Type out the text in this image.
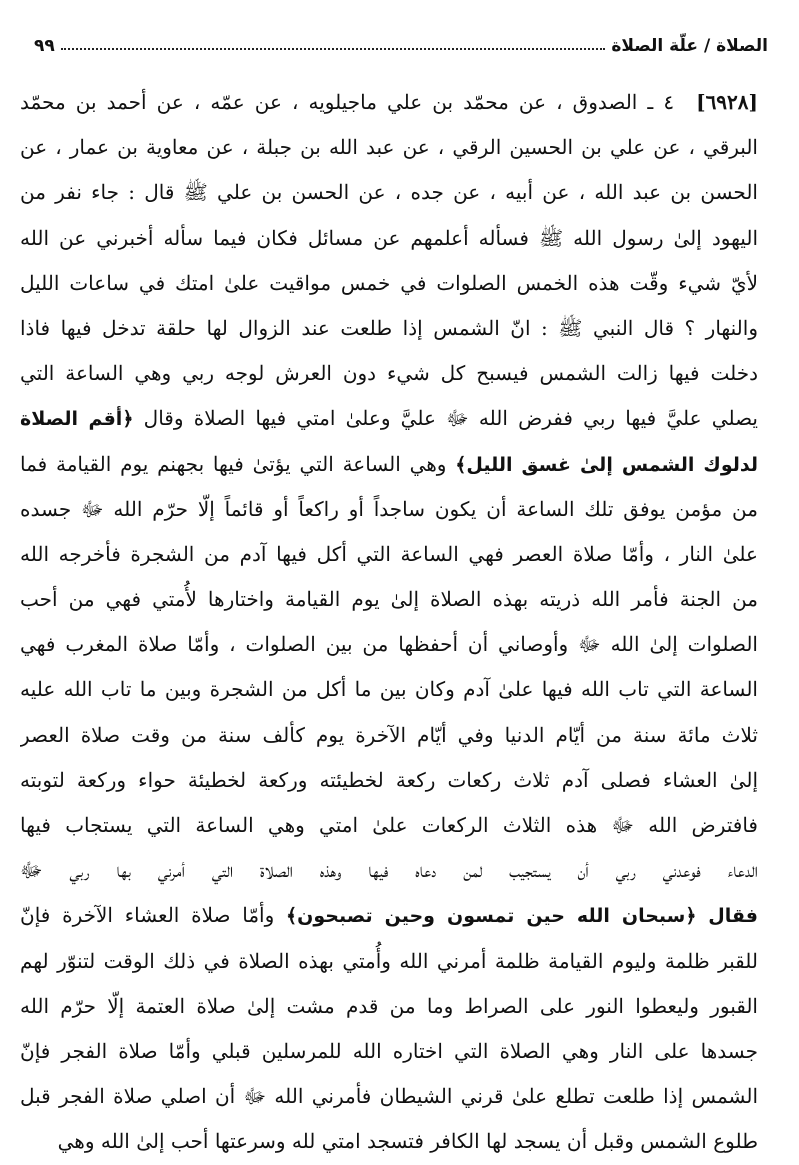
الصلاة / علّة الصلاة
٩٩
[٦٩٢٨]٤ ـ الصدوق ، عن محمّد بن علي ماجيلويه ، عن عمّه ، عن أحمد بن محمّد
البرقي ، عن علي بن الحسين الرقي ، عن عبد الله بن جبلة ، عن معاوية بن عمار ، عن
الحسن بن عبد الله ، عن أبيه ، عن جده ، عن الحسن بن علي ﷺ قال : جاء نفر من
اليهود إلىٰ رسول الله ﷺ فسأله أعلمهم عن مسائل فكان فيما سأله أخبرني عن الله
لأيّ شيء وقّت هذه الخمس الصلوات في خمس مواقيت علىٰ امتك في ساعات الليل
والنهار ؟ قال النبي ﷺ : انّ الشمس إذا طلعت عند الزوال لها حلقة تدخل فيها فاذا
دخلت فيها زالت الشمس فيسبح كل شيء دون العرش لوجه ربي وهي الساعة التي
يصلي عليَّ فيها ربي ففرض الله ﷻ عليَّ وعلىٰ امتي فيها الصلاة وقال ﴿أقم الصلاة
لدلوك الشمس إلىٰ غسق الليل﴾ وهي الساعة التي يؤتىٰ فيها بجهنم يوم القيامة فما
من مؤمن يوفق تلك الساعة أن يكون ساجداً أو راكعاً أو قائماً إلّا حرّم الله ﷻ جسده
علىٰ النار ، وأمّا صلاة العصر فهي الساعة التي أكل فيها آدم من الشجرة فأخرجه الله
من الجنة فأمر الله ذريته بهذه الصلاة إلىٰ يوم القيامة واختارها لأُمتي فهي من أحب
الصلوات إلىٰ الله ﷻ وأوصاني أن أحفظها من بين الصلوات ، وأمّا صلاة المغرب فهي
الساعة التي تاب الله فيها علىٰ آدم وكان بين ما أكل من الشجرة وبين ما تاب الله عليه
ثلاث مائة سنة من أيّام الدنيا وفي أيّام الآخرة يوم كألف سنة من وقت صلاة العصر
إلىٰ العشاء فصلى آدم ثلاث ركعات ركعة لخطيئته وركعة لخطيئة حواء وركعة لتوبته
فافترض الله ﷻ هذه الثلاث الركعات علىٰ امتي وهي الساعة التي يستجاب فيها
الدعاء فوعدني ربي أن يستجيب لمن دعاه فيها وهذه الصلاة التي أمرني بها ربي ﷻ
فقال ﴿سبحان الله حين تمسون وحين تصبحون﴾ وأمّا صلاة العشاء الآخرة فإنّ
للقبر ظلمة وليوم القيامة ظلمة أمرني الله وأُمتي بهذه الصلاة في ذلك الوقت لتنوّر لهم
القبور وليعطوا النور على الصراط وما من قدم مشت إلىٰ صلاة العتمة إلّا حرّم الله
جسدها على النار وهي الصلاة التي اختاره الله للمرسلين قبلي وأمّا صلاة الفجر فإنّ
الشمس إذا طلعت تطلع علىٰ قرني الشيطان فأمرني الله ﷻ أن اصلي صلاة الفجر قبل
طلوع الشمس وقبل أن يسجد لها الكافر فتسجد امتي لله وسرعتها أحب إلىٰ الله وهي
